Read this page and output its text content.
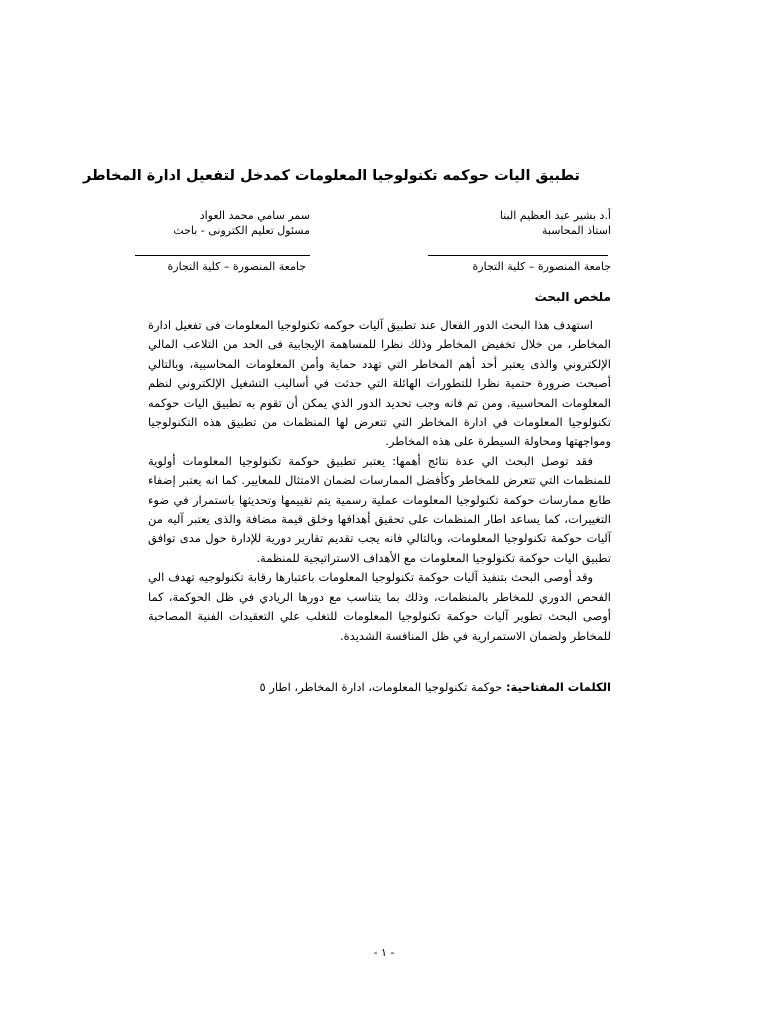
تطبيق اليات حوكمه تكنولوجيا المعلومات كمدخل لتفعيل ادارة المخاطر
أ.د بشير عبد العظيم البنا
استاذ المحاسبة
سمر سامي محمد العواد
مسئول تعليم الكترونى - باحث
جامعة المنصورة – كلية التجارة
جامعة المنصورة – كلية التجارة
ملخص البحث

استهدف هذا البحث الدور الفعال عند تطبيق آليات حوكمه تكنولوجيا المعلومات فى تفعيل ادارة المخاطر، من خلال تخفيض المخاطر وذلك نظرا للمساهمة الإيجابية فى الحد من التلاعب المالي الإلكتروني والذى يعتبر أحد أهم المخاطر التي تهدد حماية وأمن المعلومات المحاسبية، وبالتالي أصبحت ضرورة حتمية نظرا للتطورات الهائلة التي حدثت في أساليب التشغيل الإلكتروني لنظم المعلومات المحاسبية. ومن تم فانه وجب تحديد الدور الذي يمكن أن تقوم به تطبيق اليات حوكمه تكنولوجيا المعلومات في ادارة المخاطر التي تتعرض لها المنظمات من تطبيق هذه التكنولوجيا ومواجهتها ومحاولة السيطرة على هذه المخاطر.

فقد توصل البحث الي عدة نتائج أهمها: يعتبر تطبيق حوكمة تكنولوجيا المعلومات أولوية للمنظمات التي تتعرض للمخاطر وكأفضل الممارسات لضمان الامتثال للمعايير. كما انه يعتبر إضفاء طابع ممارسات حوكمة تكنولوجيا المعلومات عملية رسمية يتم تقييمها وتحديثها باستمرار في ضوء التغييرات، كما يساعد اطار المنظمات على تحقيق أهدافها وخلق قيمة مضافة والذى يعتبر آليه من آليات حوكمة تكنولوجيا المعلومات، وبالتالي فانه يجب تقديم تقارير دورية للإدارة حول مدى توافق تطبيق اليات حوكمة تكنولوجيا المعلومات مع الأهداف الاستراتيجية للمنظمة.

وقد أوصى البحث بتنفيذ آليات حوكمة تكنولوجيا المعلومات باعتبارها رقابة تكنولوجيه تهدف الي الفحص الدوري للمخاطر بالمنظمات، وذلك بما يتناسب مع دورها الريادي في ظل الحوكمة، كما أوصى البحث تطوير آليات حوكمة تكنولوجيا المعلومات للتغلب علي التعقيدات الفنية المصاحبة للمخاطر ولضمان الاستمرارية في ظل المنافسة الشديدة.

الكلمات المفتاحية: حوكمة تكنولوجيا المعلومات، ادارة المخاطر، اطار ٥
- ١ -
